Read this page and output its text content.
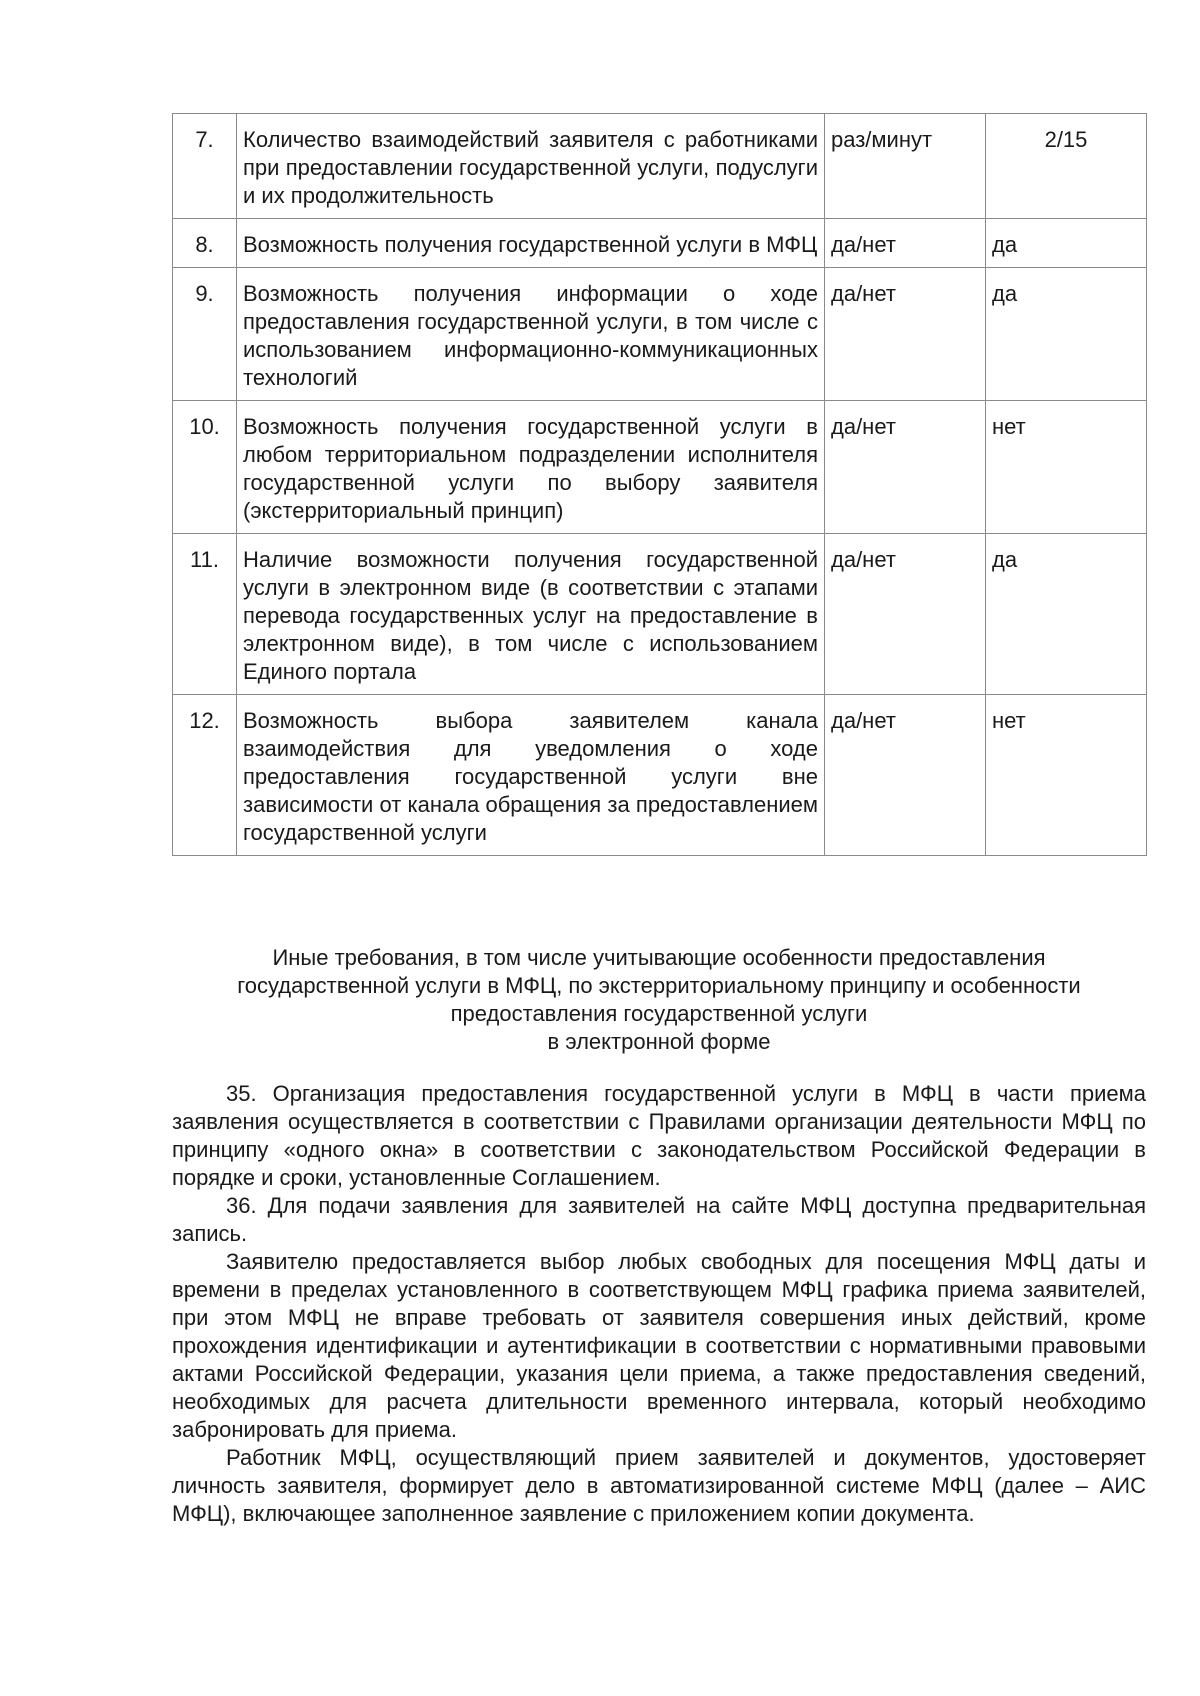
7.	Количество взаимодействий заявителя с работниками при предоставлении государственной услуги, подуслуги и их продолжительность	раз/минут	2/15
8.	Возможность получения государственной услуги в МФЦ	да/нет	да
9.	Возможность получения информации о ходе предоставления государственной услуги, в том числе с использованием информационно-коммуникационных технологий	да/нет	да
10.	Возможность получения государственной услуги в любом территориальном подразделении исполнителя государственной услуги по выбору заявителя (экстерриториальный принцип)	да/нет	нет
11.	Наличие возможности получения государственной услуги в электронном виде (в соответствии с этапами перевода государственных услуг на предоставление в электронном виде), в том числе с использованием Единого портала	да/нет	да
12.	Возможность выбора заявителем канала взаимодействия для уведомления о ходе предоставления государственной услуги вне зависимости от канала обращения за предоставлением государственной услуги	да/нет	нет
Иные требования, в том числе учитывающие особенности предоставления
государственной услуги в МФЦ, по экстерриториальному принципу и особенности
предоставления государственной услуги
в электронной форме

35. Организация предоставления государственной услуги в МФЦ в части приема заявления осуществляется в соответствии с Правилами организации деятельности МФЦ по принципу «одного окна» в соответствии с законодательством Российской Федерации в порядке и сроки, установленные Соглашением.

36. Для подачи заявления для заявителей на сайте МФЦ доступна предварительная запись.

Заявителю предоставляется выбор любых свободных для посещения МФЦ даты и времени в пределах установленного в соответствующем МФЦ графика приема заявителей, при этом МФЦ не вправе требовать от заявителя совершения иных действий, кроме прохождения идентификации и аутентификации в соответствии с нормативными правовыми актами Российской Федерации, указания цели приема, а также предоставления сведений, необходимых для расчета длительности временного интервала, который необходимо забронировать для приема.

Работник МФЦ, осуществляющий прием заявителей и документов, удостоверяет личность заявителя, формирует дело в автоматизированной системе МФЦ (далее – АИС МФЦ), включающее заполненное заявление с приложением копии документа.
